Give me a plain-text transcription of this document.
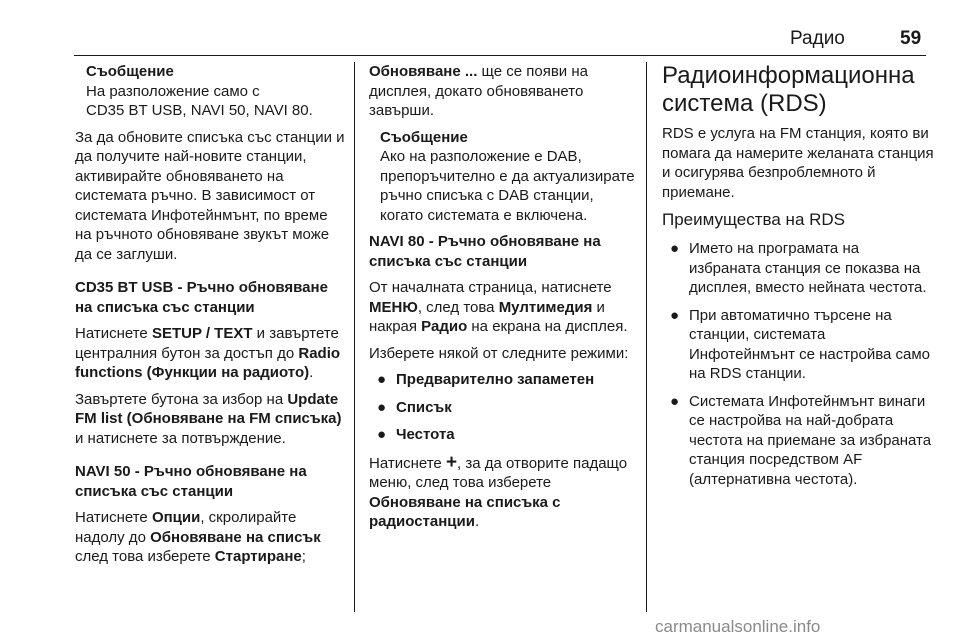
Радио	59
Съобщение
На разположение само с
CD35 BT USB, NAVI 50, NAVI 80.

За да обновите списъка със станции и да получите най-новите станции, активирайте обновяването на системата ръчно. В зависимост от системата Инфотейнмънт, по време на ръчното обновяване звукът може да се заглуши.

CD35 BT USB - Ръчно обновяване на списъка със станции

Натиснете SETUP / TEXT и завъртете централния бутон за достъп до Radio functions (Функции на радиото).

Завъртете бутона за избор на Update FM list (Обновяване на FM списъка) и натиснете за потвърждение.

NAVI 50 - Ръчно обновяване на списъка със станции

Натиснете Опции, скролирайте надолу до Обновяване на списък след това изберете Стартиране;

Обновяване ... ще се появи на дисплея, докато обновяването завърши.

Съобщение
Ако на разположение е DAB, препоръчително е да актуализирате ръчно списъка с DAB станции, когато системата е включена.

NAVI 80 - Ръчно обновяване на списъка със станции

От началната страница, натиснете МЕНЮ, след това Мултимедия и накрая Радио на екрана на дисплея.

Изберете някой от следните режими:

● Предварително запаметен
● Списък
● Честота

Натиснете +, за да отворите падащо меню, след това изберете Обновяване на списъка с радиостанции.

Радиоинформационна система (RDS)

RDS е услуга на FM станция, която ви помага да намерите желаната станция и осигурява безпроблемното й приемане.

Преимущества на RDS
● Името на програмата на избраната станция се показва на дисплея, вместо нейната честота.
● При автоматично търсене на станции, системата Инфотейнмънт се настройва само на RDS станции.
● Системата Инфотейнмънт винаги се настройва на най-добрата честота на приемане за избраната станция посредством AF (алтернативна честота).
carmanualsonline.info
